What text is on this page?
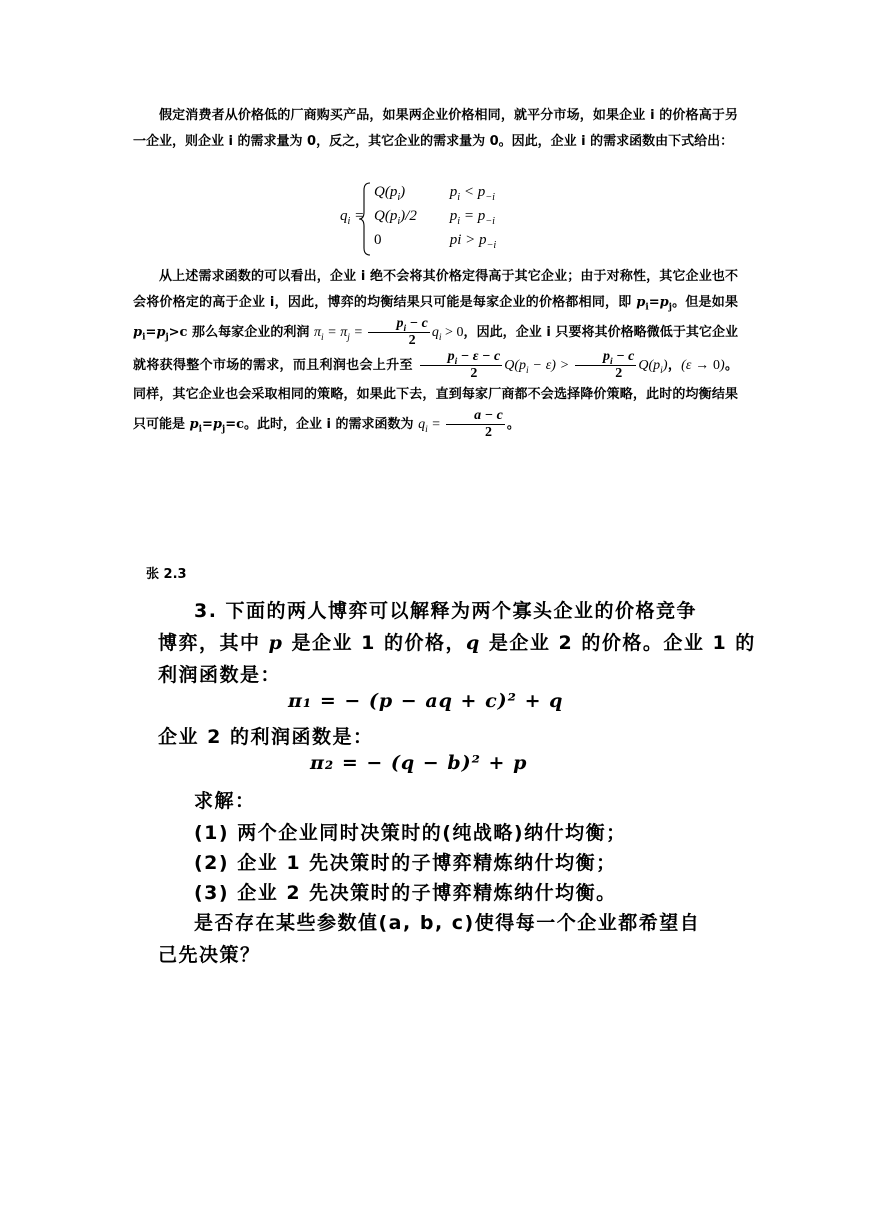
假定消费者从价格低的厂商购买产品，如果两企业价格相同，就平分市场，如果企业 i 的价格高于另一企业，则企业 i 的需求量为 0，反之，其它企业的需求量为 0。因此，企业 i 的需求函数由下式给出：

$q_i$ =
$Q(p_i)$	$p_i < p_{-i}$
$Q(p_i)/2$ $p_i = p_{-i}$
0	pi > $p_{-i}$

从上述需求函数的可以看出，企业 i 绝不会将其价格定得高于其它企业；由于对称性，其它企业也不会将价格定的高于企业 i，因此，博弈的均衡结果只可能是每家企业的价格都相同，即 $p_i=p_j$。但是如果 $p_i=p_j>c$ 那么每家企业的利润 $\pi_i = \pi_j = \frac{p_i - c}{2} q_i > 0$，因此，企业 i 只要将其价格略微低于其它企业就将获得整个市场的需求，而且利润也会上升至 $\frac{p_i - \varepsilon - c}{2} Q(p_i - \varepsilon) > \frac{p_i - c}{2} Q(p_i)$，(ε → 0)。同样，其它企业也会采取相同的策略，如果此下去，直到每家厂商都不会选择降价策略，此时的均衡结果只可能是 $p_i=p_j=c$。此时，企业 i 的需求函数为 $q_i = \frac{a - c}{2}$ 。

张 2.3
3. 下面的两人博弈可以解释为两个寡头企业的价格竞争
博弈，其中 p 是企业 1 的价格，q 是企业 2 的价格。企业 1 的
利润函数是：
π₁ = − (p − aq + c)² + q
企业 2 的利润函数是：
π₂ = − (q − b)² + p
求解：
(1) 两个企业同时决策时的(纯战略)纳什均衡；
(2) 企业 1 先决策时的子博弈精炼纳什均衡；
(3) 企业 2 先决策时的子博弈精炼纳什均衡。
是否存在某些参数值(a, b, c)使得每一个企业都希望自
己先决策？
